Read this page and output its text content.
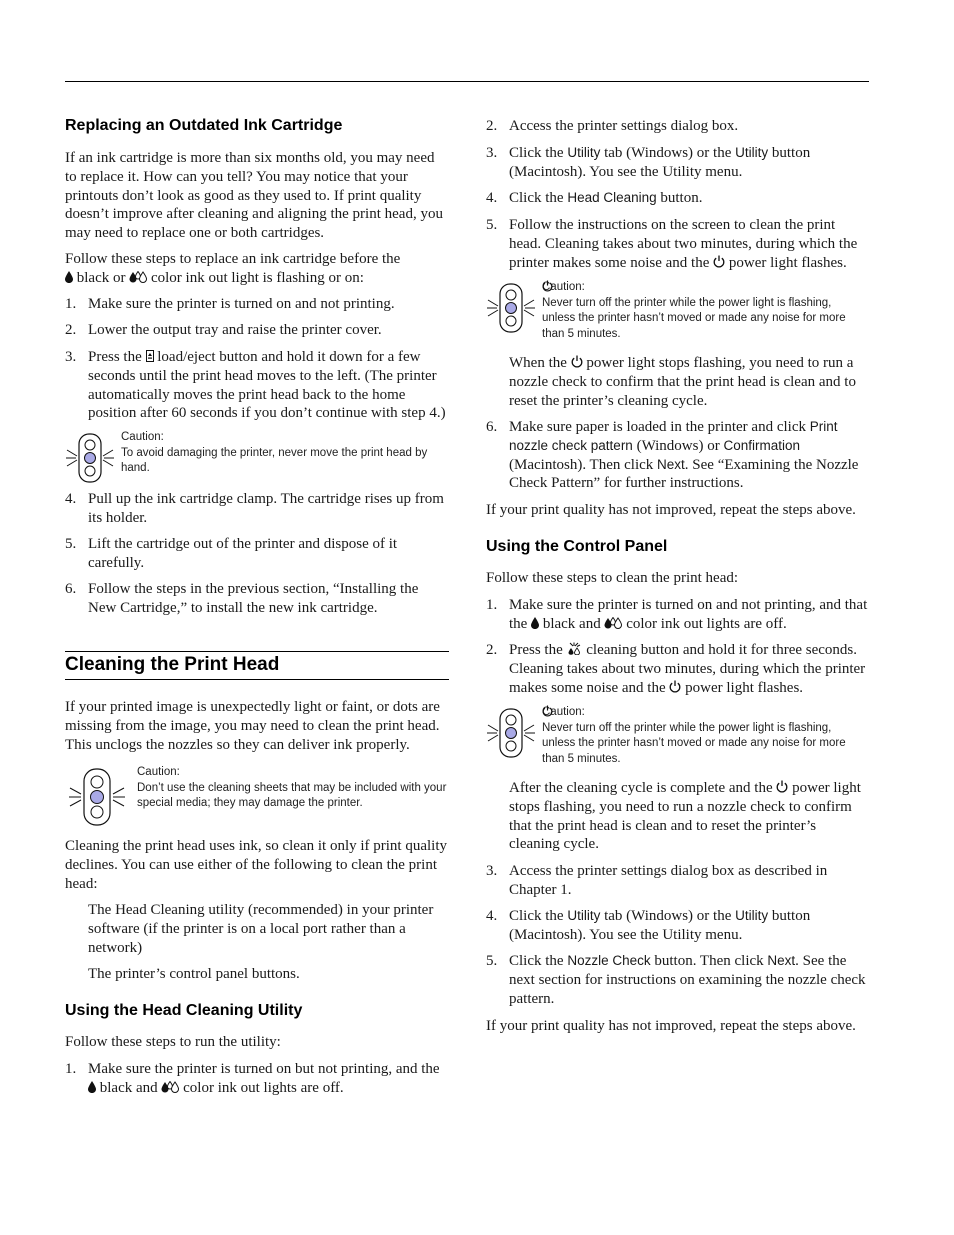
Replacing an Outdated Ink Cartridge
If an ink cartridge is more than six months old, you may need to replace it. How can you tell? You may notice that your printouts don’t look as good as they used to. If print quality doesn’t improve after cleaning and aligning the print head, you may need to replace one or both cartridges.
Follow these steps to replace an ink cartridge before the
black or color ink out light is flashing or on:
1. Make sure the printer is turned on and not printing.
2. Lower the output tray and raise the printer cover.
3. Press the load/eject button and hold it down for a few seconds until the print head moves to the left. (The printer automatically moves the print head back to the home position after 60 seconds if you don’t continue with step 4.)
Caution:
To avoid damaging the printer, never move the print head by hand.
4. Pull up the ink cartridge clamp. The cartridge rises up from its holder.
5. Lift the cartridge out of the printer and dispose of it carefully.
6. Follow the steps in the previous section, “Installing the New Cartridge,” to install the new ink cartridge.
Cleaning the Print Head
If your printed image is unexpectedly light or faint, or dots are missing from the image, you may need to clean the print head. This unclogs the nozzles so they can deliver ink properly.
Caution:
Don’t use the cleaning sheets that may be included with your special media; they may damage the printer.
Cleaning the print head uses ink, so clean it only if print quality declines. You can use either of the following to clean the print head:
The Head Cleaning utility (recommended) in your printer software (if the printer is on a local port rather than a network)
The printer’s control panel buttons.
Using the Head Cleaning Utility
Follow these steps to run the utility:
1. Make sure the printer is turned on but not printing, and the  black and color ink out lights are off.
2. Access the printer settings dialog box.
3. Click the Utility tab (Windows) or the Utility button (Macintosh). You see the Utility menu.
4. Click the Head Cleaning button.
5. Follow the instructions on the screen to clean the print head. Cleaning takes about two minutes, during which the printer makes some noise and the power light flashes.
Caution:
Never turn off the printer while the power light is flashing, unless the printer hasn’t moved or made any noise for more than 5 minutes.
When the power light stops flashing, you need to run a nozzle check to confirm that the print head is clean and to reset the printer’s cleaning cycle.
6. Make sure paper is loaded in the printer and click Print nozzle check pattern (Windows) or Confirmation (Macintosh). Then click Next. See “Examining the Nozzle Check Pattern” for further instructions.
If your print quality has not improved, repeat the steps above.
Using the Control Panel
Follow these steps to clean the print head:
1. Make sure the printer is turned on and not printing, and that the black and color ink out lights are off.
2. Press the cleaning button and hold it for three seconds. Cleaning takes about two minutes, during which the printer makes some noise and the power light flashes.
Caution:
Never turn off the printer while the power light is flashing, unless the printer hasn’t moved or made any noise for more than 5 minutes.
After the cleaning cycle is complete and the power light stops flashing, you need to run a nozzle check to confirm that the print head is clean and to reset the printer’s cleaning cycle.
3. Access the printer settings dialog box as described in Chapter 1.
4. Click the Utility tab (Windows) or the Utility button (Macintosh). You see the Utility menu.
5. Click the Nozzle Check button. Then click Next. See the next section for instructions on examining the nozzle check pattern.
If your print quality has not improved, repeat the steps above.
